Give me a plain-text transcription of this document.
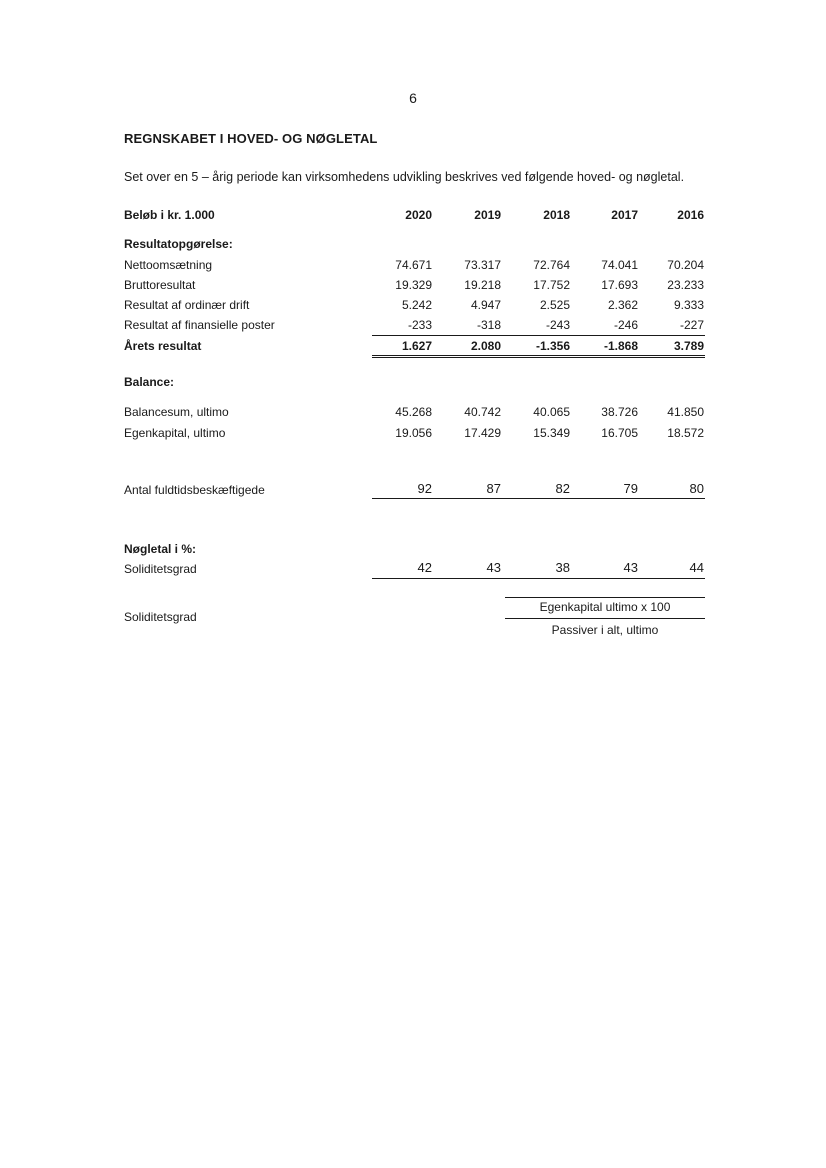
6
REGNSKABET I HOVED- OG NØGLETAL
Set over en 5 – årig periode kan virksomhedens udvikling beskrives ved følgende hoved- og nøgletal.
Beløb i kr. 1.000	2020	2019	2018	2017	2016
Resultatopgørelse:
Nettoomsætning	74.671	73.317	72.764	74.041	70.204
Bruttoresultat	19.329	19.218	17.752	17.693	23.233
Resultat af ordinær drift	5.242	4.947	2.525	2.362	9.333
Resultat af finansielle poster	-233	-318	-243	-246	-227
Årets resultat	1.627	2.080	-1.356	-1.868	3.789
Balance:
Balancesum, ultimo	45.268	40.742	40.065	38.726	41.850
Egenkapital, ultimo	19.056	17.429	15.349	16.705	18.572
Antal fuldtidsbeskæftigede	92	87	82	79	80
Nøgletal i %:
Soliditetsgrad	42	43	38	43	44
Soliditetsgrad
Egenkapital ultimo x 100
Passiver i alt, ultimo
